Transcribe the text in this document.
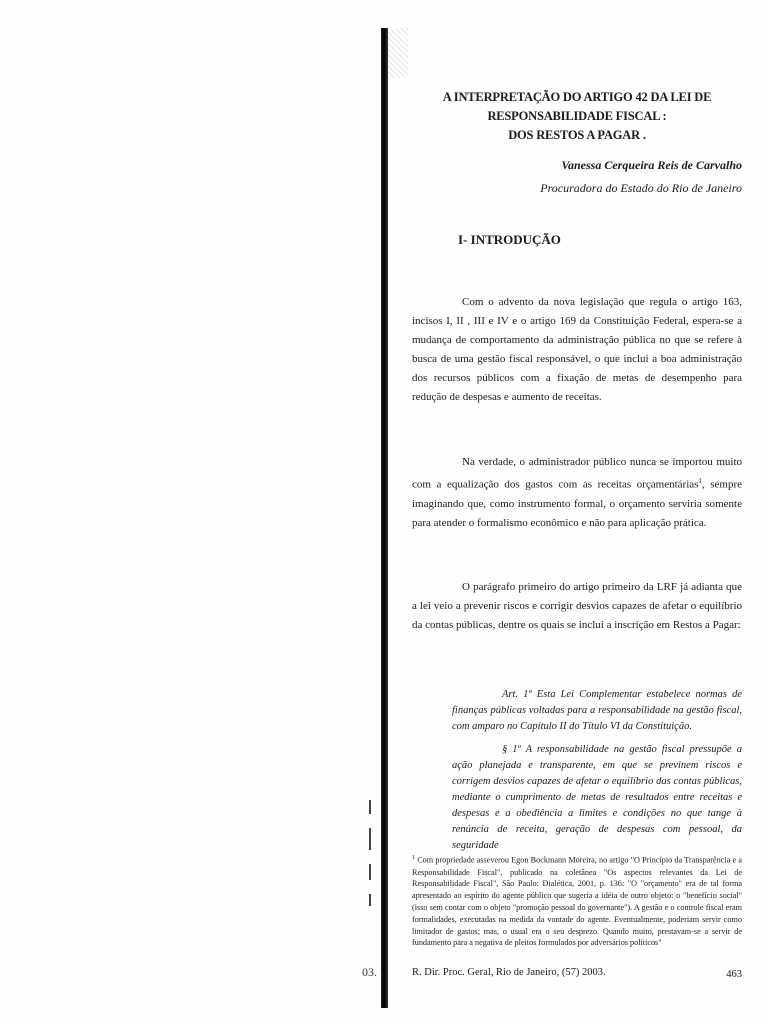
03.
A INTERPRETAÇÃO DO ARTIGO 42 DA LEI DE RESPONSABILIDADE FISCAL :
DOS RESTOS A PAGAR .
Vanessa Cerqueira Reis de Carvalho
Procuradora do Estado do Rio de Janeiro
I- INTRODUÇÃO

Com o advento da nova legislação que regula o artigo 163, incisos I, II , III e IV e o artigo 169 da Constituição Federal, espera-se a mudança de comportamento da administração pública no que se refere à busca de uma gestão fiscal responsável, o que inclui a boa administração dos recursos públicos com a fixação de metas de desempenho para redução de despesas e aumento de receitas.

Na verdade, o administrador público nunca se importou muito com a equalização dos gastos com as receitas orçamentárias$^1$, sempre imaginando que, como instrumento formal, o orçamento serviria somente para atender o formalismo econômico e não para aplicação prática.

O parágrafo primeiro do artigo primeiro da LRF já adianta que a lei veio a prevenir riscos e corrigir desvios capazes de afetar o equilíbrio da contas públicas, dentre os quais se inclui a inscrição em Restos a Pagar:

Art. 1º Esta Lei Complementar estabelece normas de finanças públicas voltadas para a responsabilidade na gestão fiscal, com amparo no Capítulo II do Título VI da Constituição.

§ 1º A responsabilidade na gestão fiscal pressupõe a ação planejada e transparente, em que se previnem riscos e corrigem desvios capazes de afetar o equilíbrio das contas públicas, mediante o cumprimento de metas de resultados entre receitas e despesas e a obediência a limites e condições no que tange à renúncia de receita, geração de despesas com pessoal, da seguridade

$^1$ Com propriedade asseverou Egon Bockmann Moreira, no artigo "O Princípio da Transparência e a Responsabilidade Fiscal", publicado na coletânea "Os aspectos relevantes da Lei de Responsabilidade Fiscal", São Paulo: Dialética, 2001, p. 136: "O "orçamento" era de tal forma apresentado ao espírito do agente público que sugeria a idéia de outro objeto: o "benefício social" (isso sem contar com o objeto "promoção pessoal do governante"). A gestão e o controle fiscal eram formalidades, executadas na medida da vontade do agente. Eventualmente, poderiam servir como limitador de gastos; mas, o usual era o seu desprezo. Quando muito, prestavam-se a servir de fundamento para a negativa de pleitos formulados por adversários políticos"
R. Dir. Proc. Geral, Rio de Janeiro, (57) 2003.	463
